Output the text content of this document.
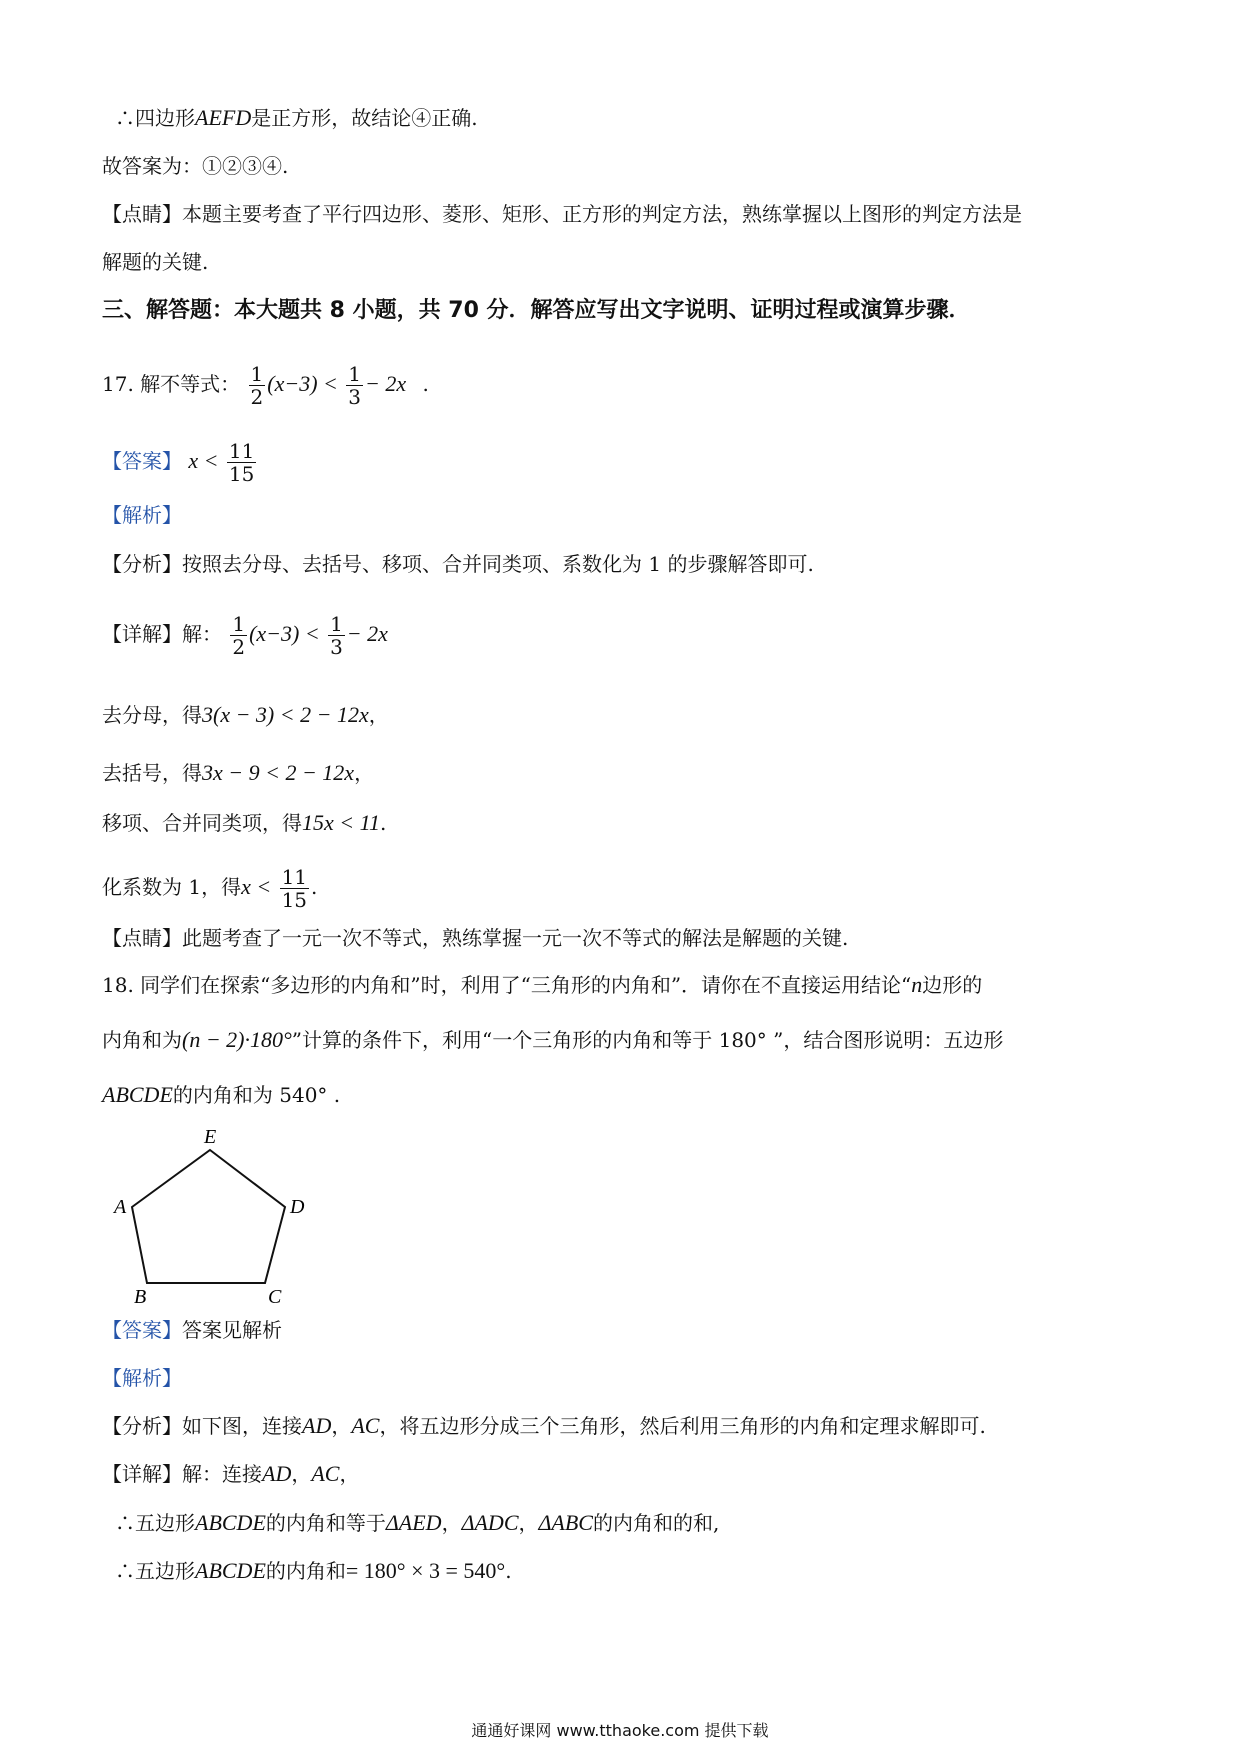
∴四边形AEFD是正方形，故结论④正确.
故答案为：①②③④.
【点睛】本题主要考查了平行四边形、菱形、矩形、正方形的判定方法，熟练掌握以上图形的判定方法是
解题的关键.
三、解答题：本大题共 8 小题，共 70 分．解答应写出文字说明、证明过程或演算步骤．
17. 解不等式： $\frac{1}{2} (x-3) < \frac{1}{3} - 2x$ .
【答案】 $x < \frac{11}{15}$
【解析】
【分析】按照去分母、去括号、移项、合并同类项、系数化为 1 的步骤解答即可.
【详解】解： $\frac{1}{2} (x-3) < \frac{1}{3} - 2x$
去分母，得3(x − 3) < 2 − 12x，
去括号，得3x − 9 < 2 − 12x，
移项、合并同类项，得15x < 11.
化系数为 1，得$x < \frac{11}{15}$ .
【点睛】此题考查了一元一次不等式，熟练掌握一元一次不等式的解法是解题的关键.
18. 同学们在探索“多边形的内角和”时，利用了“三角形的内角和”．请你在不直接运用结论“n边形的
内角和为(n − 2)·180°”计算的条件下，利用“一个三角形的内角和等于 180° ”，结合图形说明：五边形
ABCDE的内角和为 540° .
E
A	D
B	C
【答案】答案见解析
【解析】
【分析】如下图，连接AD，AC，将五边形分成三个三角形，然后利用三角形的内角和定理求解即可.
【详解】解：连接AD，AC，
∴五边形ABCDE的内角和等于ΔAED，ΔADC，ΔABC的内角和的和,
∴五边形ABCDE的内角和= 180° × 3 = 540°.
通通好课网 www.tthaoke.com 提供下载
